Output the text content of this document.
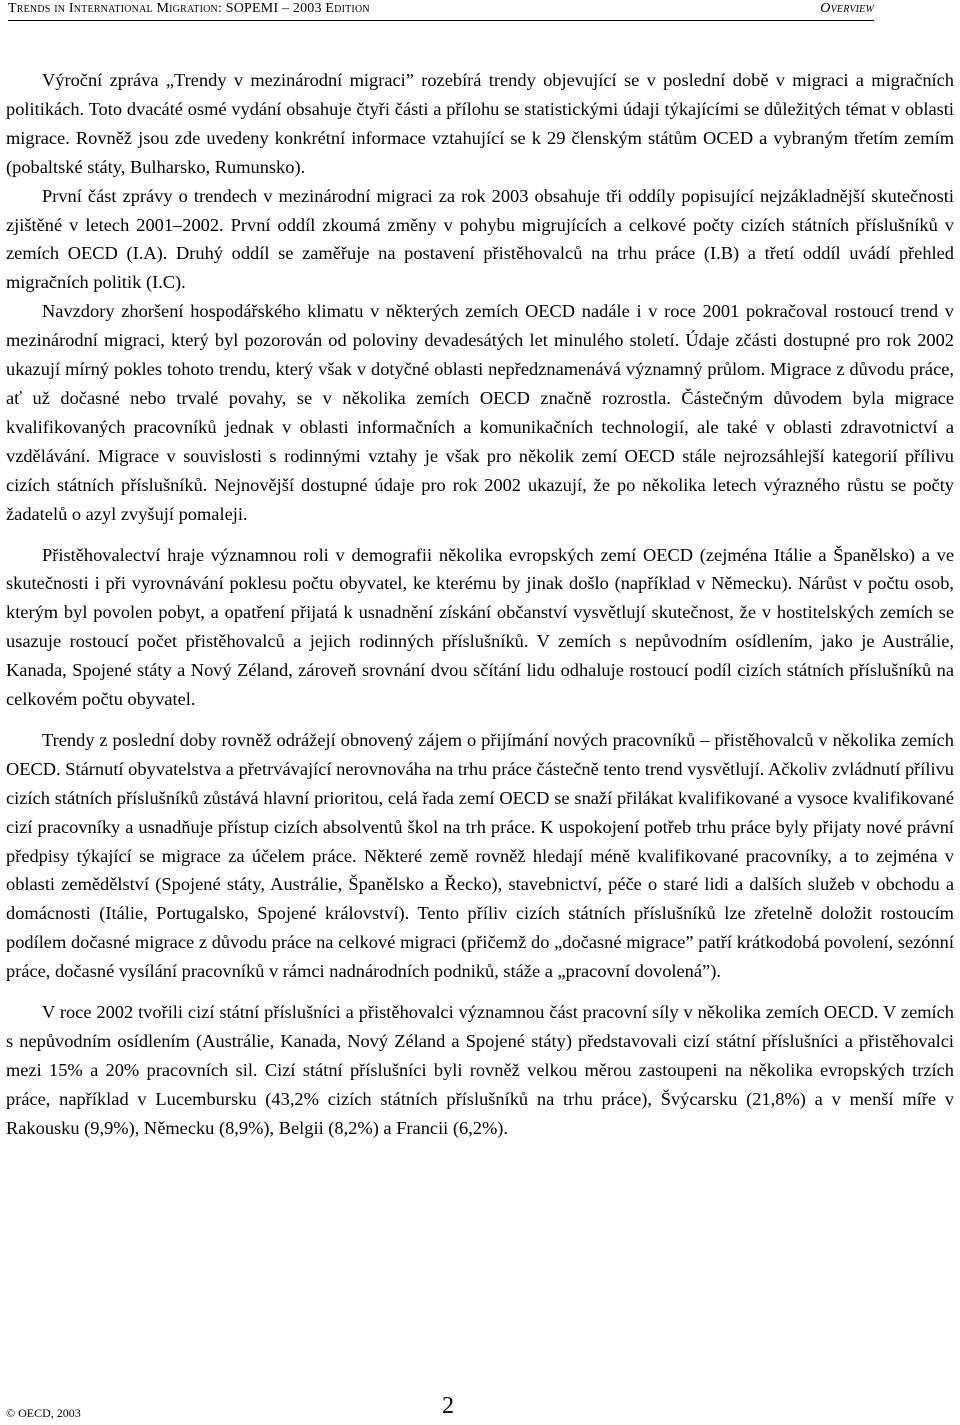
Trends in International Migration: SOPEMI – 2003 Edition	Overview

Výroční zpráva „Trendy v mezinárodní migraci” rozebírá trendy objevující se v poslední době v migraci a migračních politikách. Toto dvacáté osmé vydání obsahuje čtyři části a přílohu se statistickými údaji týkajícími se důležitých témat v oblasti migrace. Rovněž jsou zde uvedeny konkrétní informace vztahující se k 29 členským státům OCED a vybraným třetím zemím (pobaltské státy, Bulharsko, Rumunsko).

První část zprávy o trendech v mezinárodní migraci za rok 2003 obsahuje tři oddíly popisující nejzákladnější skutečnosti zjištěné v letech 2001–2002. První oddíl zkoumá změny v pohybu migrujících a celkové počty cizích státních příslušníků v zemích OECD (I.A). Druhý oddíl se zaměřuje na postavení přistěhovalců na trhu práce (I.B) a třetí oddíl uvádí přehled migračních politik (I.C).

Navzdory zhoršení hospodářského klimatu v některých zemích OECD nadále i v roce 2001 pokračoval rostoucí trend v mezinárodní migraci, který byl pozorován od poloviny devadesátých let minulého století. Údaje zčásti dostupné pro rok 2002 ukazují mírný pokles tohoto trendu, který však v dotyčné oblasti nepředznamenává významný průlom. Migrace z důvodu práce, ať už dočasné nebo trvalé povahy, se v několika zemích OECD značně rozrostla. Částečným důvodem byla migrace kvalifikovaných pracovníků jednak v oblasti informačních a komunikačních technologií, ale také v oblasti zdravotnictví a vzdělávání. Migrace v souvislosti s rodinnými vztahy je však pro několik zemí OECD stále nejrozsáhlejší kategorií přílivu cizích státních příslušníků. Nejnovější dostupné údaje pro rok 2002 ukazují, že po několika letech výrazného růstu se počty žadatelů o azyl zvyšují pomaleji.

Přistěhovalectví hraje významnou roli v demografii několika evropských zemí OECD (zejména Itálie a Španělsko) a ve skutečnosti i při vyrovnávání poklesu počtu obyvatel, ke kterému by jinak došlo (například v Německu). Nárůst v počtu osob, kterým byl povolen pobyt, a opatření přijatá k usnadnění získání občanství vysvětlují skutečnost, že v hostitelských zemích se usazuje rostoucí počet přistěhovalců a jejich rodinných příslušníků. V zemích s nepůvodním osídlením, jako je Austrálie, Kanada, Spojené státy a Nový Zéland, zároveň srovnání dvou sčítání lidu odhaluje rostoucí podíl cizích státních příslušníků na celkovém počtu obyvatel.

Trendy z poslední doby rovněž odrážejí obnovený zájem o přijímání nových pracovníků – přistěhovalců v několika zemích OECD. Stárnutí obyvatelstva a přetrvávající nerovnováha na trhu práce částečně tento trend vysvětlují. Ačkoliv zvládnutí přílivu cizích státních příslušníků zůstává hlavní prioritou, celá řada zemí OECD se snaží přilákat kvalifikované a vysoce kvalifikované cizí pracovníky a usnadňuje přístup cizích absolventů škol na trh práce. K uspokojení potřeb trhu práce byly přijaty nové právní předpisy týkající se migrace za účelem práce. Některé země rovněž hledají méně kvalifikované pracovníky, a to zejména v oblasti zemědělství (Spojené státy, Austrálie, Španělsko a Řecko), stavebnictví, péče o staré lidi a dalších služeb v obchodu a domácnosti (Itálie, Portugalsko, Spojené království). Tento příliv cizích státních příslušníků lze zřetelně doložit rostoucím podílem dočasné migrace z důvodu práce na celkové migraci (přičemž do „dočasné migrace” patří krátkodobá povolení, sezónní práce, dočasné vysílání pracovníků v rámci nadnárodních podniků, stáže a „pracovní dovolená”).

V roce 2002 tvořili cizí státní příslušníci a přistěhovalci významnou část pracovní síly v několika zemích OECD. V zemích s nepůvodním osídlením (Austrálie, Kanada, Nový Zéland a Spojené státy) představovali cizí státní příslušníci a přistěhovalci mezi 15% a 20% pracovních sil. Cizí státní příslušníci byli rovněž velkou měrou zastoupeni na několika evropských trzích práce, například v Lucembursku (43,2% cizích státních příslušníků na trhu práce), Švýcarsku (21,8%) a v menší míře v Rakousku (9,9%), Německu (8,9%), Belgii (8,2%) a Francii (6,2%).

© OECD, 2003	2
